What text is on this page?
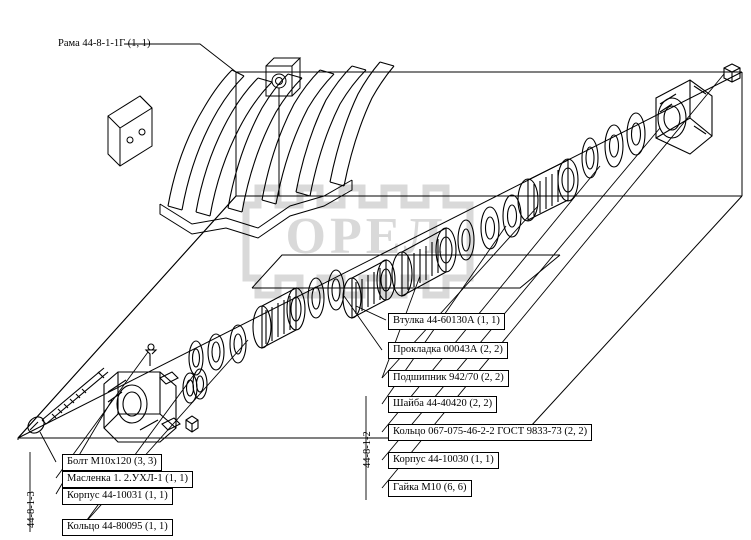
ОРЕЛ
Рама 44-8-1-1Г (1, 1)
Втулка 44-60130А (1, 1)
Прокладка 00043А (2, 2)
Подшипник 942/70 (2, 2)
Шайба 44-40420 (2, 2)
Кольцо 067-075-46-2-2 ГОСТ 9833-73 (2, 2)
Корпус 44-10030 (1, 1)
Гайка М10 (6, 6)
Болт М10х120 (3, 3)
Масленка 1. 2.УХЛ-1 (1, 1)
Корпус 44-10031 (1, 1)
Кольцо 44-80095 (1, 1)
44-8-1-3
44-8-1-2
